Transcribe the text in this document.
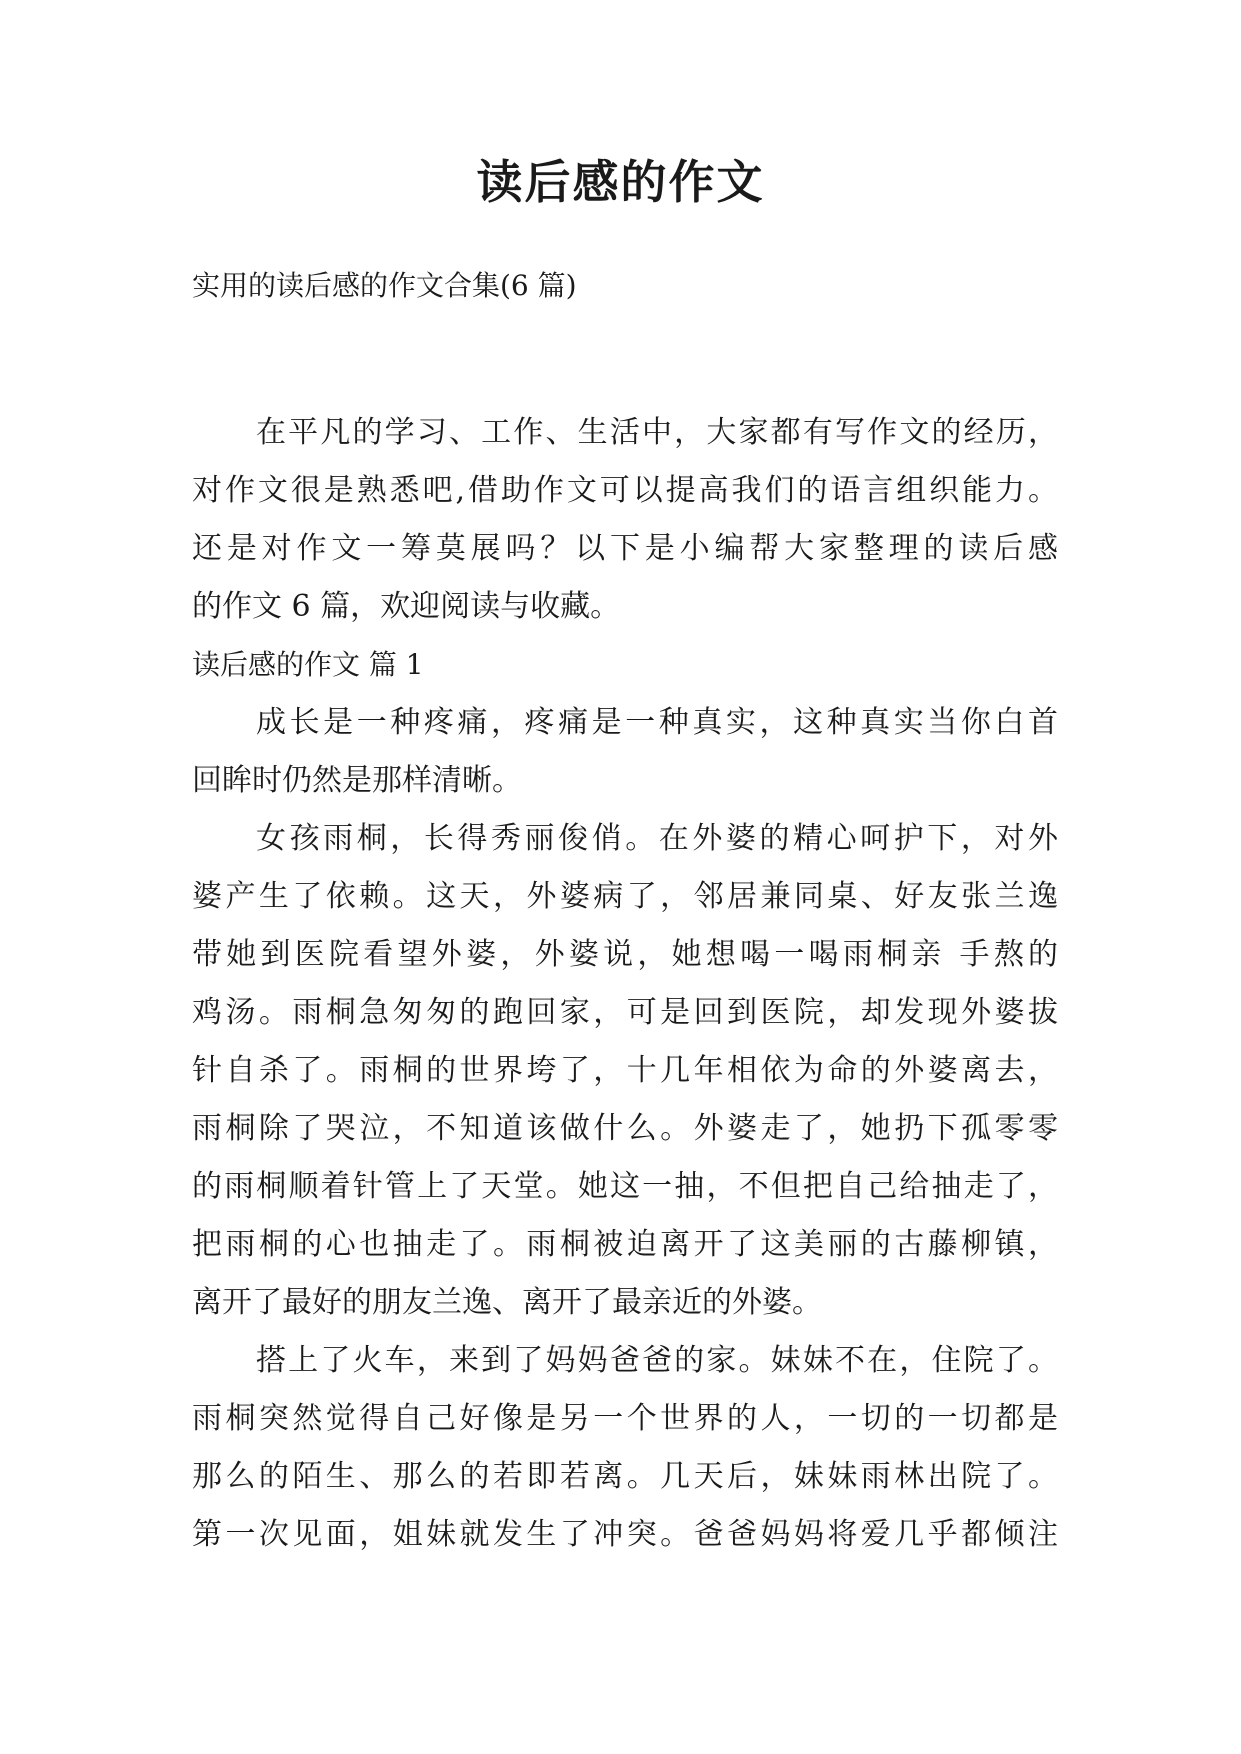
读后感的作文
实用的读后感的作文合集(6 篇)
在平凡的学习、工作、生活中，大家都有写作文的经历，
对作文很是熟悉吧,借助作文可以提高我们的语言组织能力。
还是对作文一筹莫展吗？以下是小编帮大家整理的读后感
的作文 6 篇，欢迎阅读与收藏。
读后感的作文 篇 1
成长是一种疼痛，疼痛是一种真实，这种真实当你白首
回眸时仍然是那样清晰。
女孩雨桐，长得秀丽俊俏。在外婆的精心呵护下，对外
婆产生了依赖。这天，外婆病了，邻居兼同桌、好友张兰逸
带她到医院看望外婆，外婆说，她想喝一喝雨桐亲 手熬的
鸡汤。雨桐急匆匆的跑回家，可是回到医院，却发现外婆拔
针自杀了。雨桐的世界垮了，十几年相依为命的外婆离去，
雨桐除了哭泣，不知道该做什么。外婆走了，她扔下孤零零
的雨桐顺着针管上了天堂。她这一抽，不但把自己给抽走了，
把雨桐的心也抽走了。雨桐被迫离开了这美丽的古藤柳镇，
离开了最好的朋友兰逸、离开了最亲近的外婆。
搭上了火车，来到了妈妈爸爸的家。妹妹不在，住院了。
雨桐突然觉得自己好像是另一个世界的人，一切的一切都是
那么的陌生、那么的若即若离。几天后，妹妹雨林出院了。
第一次见面，姐妹就发生了冲突。爸爸妈妈将爱几乎都倾注
